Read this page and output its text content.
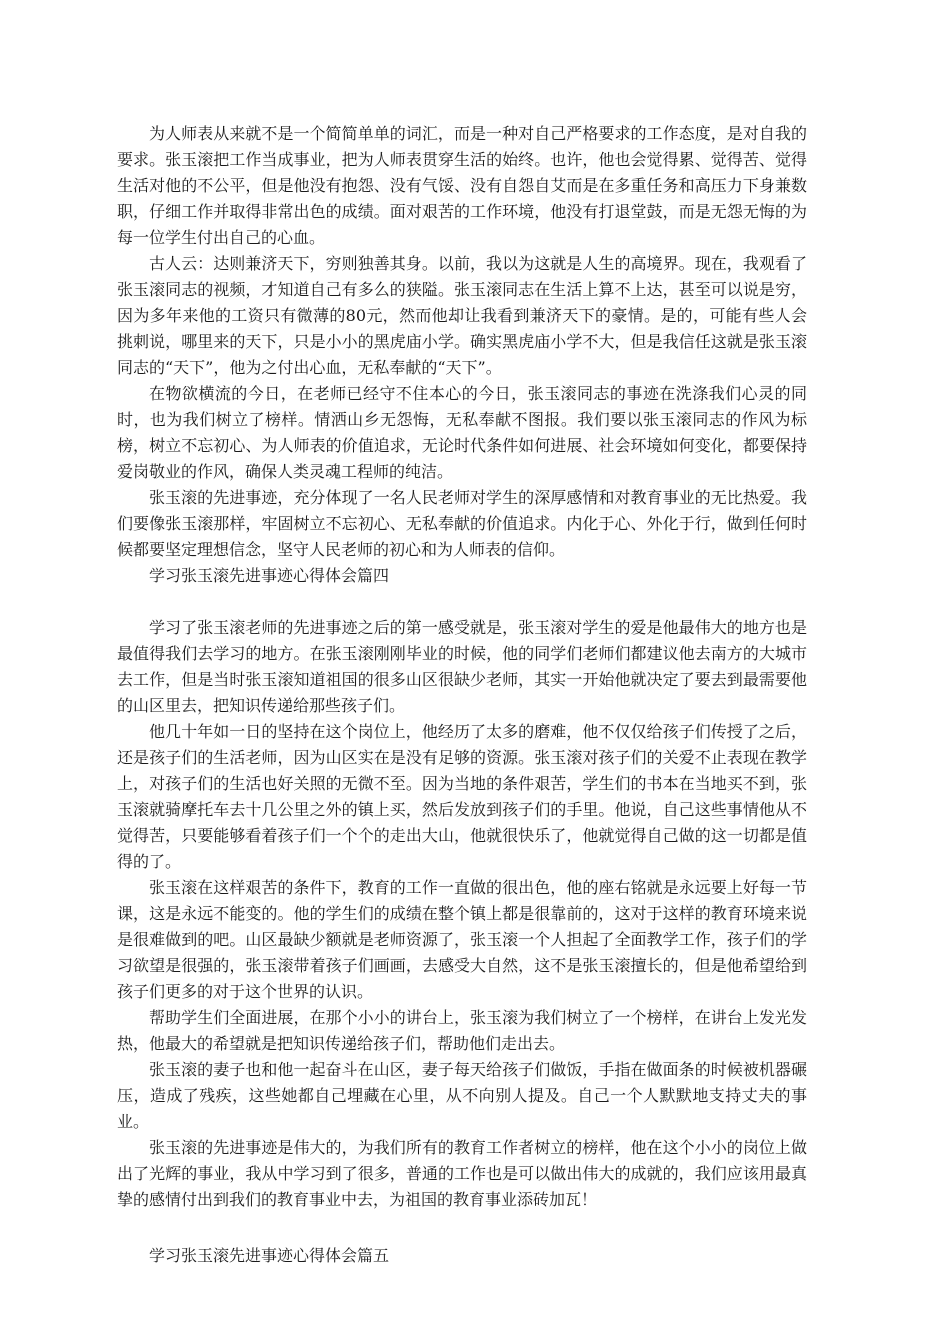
为人师表从来就不是一个简简单单的词汇，而是一种对自己严格要求的工作态度，是对自我的要求。张玉滚把工作当成事业，把为人师表贯穿生活的始终。也许，他也会觉得累、觉得苦、觉得生活对他的不公平，但是他没有抱怨、没有气馁、没有自怨自艾而是在多重任务和高压力下身兼数职，仔细工作并取得非常出色的成绩。面对艰苦的工作环境，他没有打退堂鼓，而是无怨无悔的为每一位学生付出自己的心血。

古人云：达则兼济天下，穷则独善其身。以前，我以为这就是人生的高境界。现在，我观看了张玉滚同志的视频，才知道自己有多么的狭隘。张玉滚同志在生活上算不上达，甚至可以说是穷，因为多年来他的工资只有微薄的80元，然而他却让我看到兼济天下的豪情。是的，可能有些人会挑刺说，哪里来的天下，只是小小的黑虎庙小学。确实黑虎庙小学不大，但是我信任这就是张玉滚同志的“天下”，他为之付出心血，无私奉献的“天下”。

在物欲横流的今日，在老师已经守不住本心的今日，张玉滚同志的事迹在洗涤我们心灵的同时，也为我们树立了榜样。情洒山乡无怨悔，无私奉献不图报。我们要以张玉滚同志的作风为标榜，树立不忘初心、为人师表的价值追求，无论时代条件如何进展、社会环境如何变化，都要保持爱岗敬业的作风，确保人类灵魂工程师的纯洁。

张玉滚的先进事迹，充分体现了一名人民老师对学生的深厚感情和对教育事业的无比热爱。我们要像张玉滚那样，牢固树立不忘初心、无私奉献的价值追求。内化于心、外化于行，做到任何时候都要坚定理想信念，坚守人民老师的初心和为人师表的信仰。

学习张玉滚先进事迹心得体会篇四

学习了张玉滚老师的先进事迹之后的第一感受就是，张玉滚对学生的爱是他最伟大的地方也是最值得我们去学习的地方。在张玉滚刚刚毕业的时候，他的同学们老师们都建议他去南方的大城市去工作，但是当时张玉滚知道祖国的很多山区很缺少老师，其实一开始他就决定了要去到最需要他的山区里去，把知识传递给那些孩子们。

他几十年如一日的坚持在这个岗位上，他经历了太多的磨难，他不仅仅给孩子们传授了之后，还是孩子们的生活老师，因为山区实在是没有足够的资源。张玉滚对孩子们的关爱不止表现在教学上，对孩子们的生活也好关照的无微不至。因为当地的条件艰苦，学生们的书本在当地买不到，张玉滚就骑摩托车去十几公里之外的镇上买，然后发放到孩子们的手里。他说，自己这些事情他从不觉得苦，只要能够看着孩子们一个个的走出大山，他就很快乐了，他就觉得自己做的这一切都是值得的了。

张玉滚在这样艰苦的条件下，教育的工作一直做的很出色，他的座右铭就是永远要上好每一节课，这是永远不能变的。他的学生们的成绩在整个镇上都是很靠前的，这对于这样的教育环境来说是很难做到的吧。山区最缺少额就是老师资源了，张玉滚一个人担起了全面教学工作，孩子们的学习欲望是很强的，张玉滚带着孩子们画画，去感受大自然，这不是张玉滚擅长的，但是他希望给到孩子们更多的对于这个世界的认识。

帮助学生们全面进展，在那个小小的讲台上，张玉滚为我们树立了一个榜样，在讲台上发光发热，他最大的希望就是把知识传递给孩子们，帮助他们走出去。

张玉滚的妻子也和他一起奋斗在山区，妻子每天给孩子们做饭，手指在做面条的时候被机器碾压，造成了残疾，这些她都自己埋藏在心里，从不向别人提及。自己一个人默默地支持丈夫的事业。

张玉滚的先进事迹是伟大的，为我们所有的教育工作者树立的榜样，他在这个小小的岗位上做出了光辉的事业，我从中学习到了很多，普通的工作也是可以做出伟大的成就的，我们应该用最真挚的感情付出到我们的教育事业中去，为祖国的教育事业添砖加瓦！

学习张玉滚先进事迹心得体会篇五
